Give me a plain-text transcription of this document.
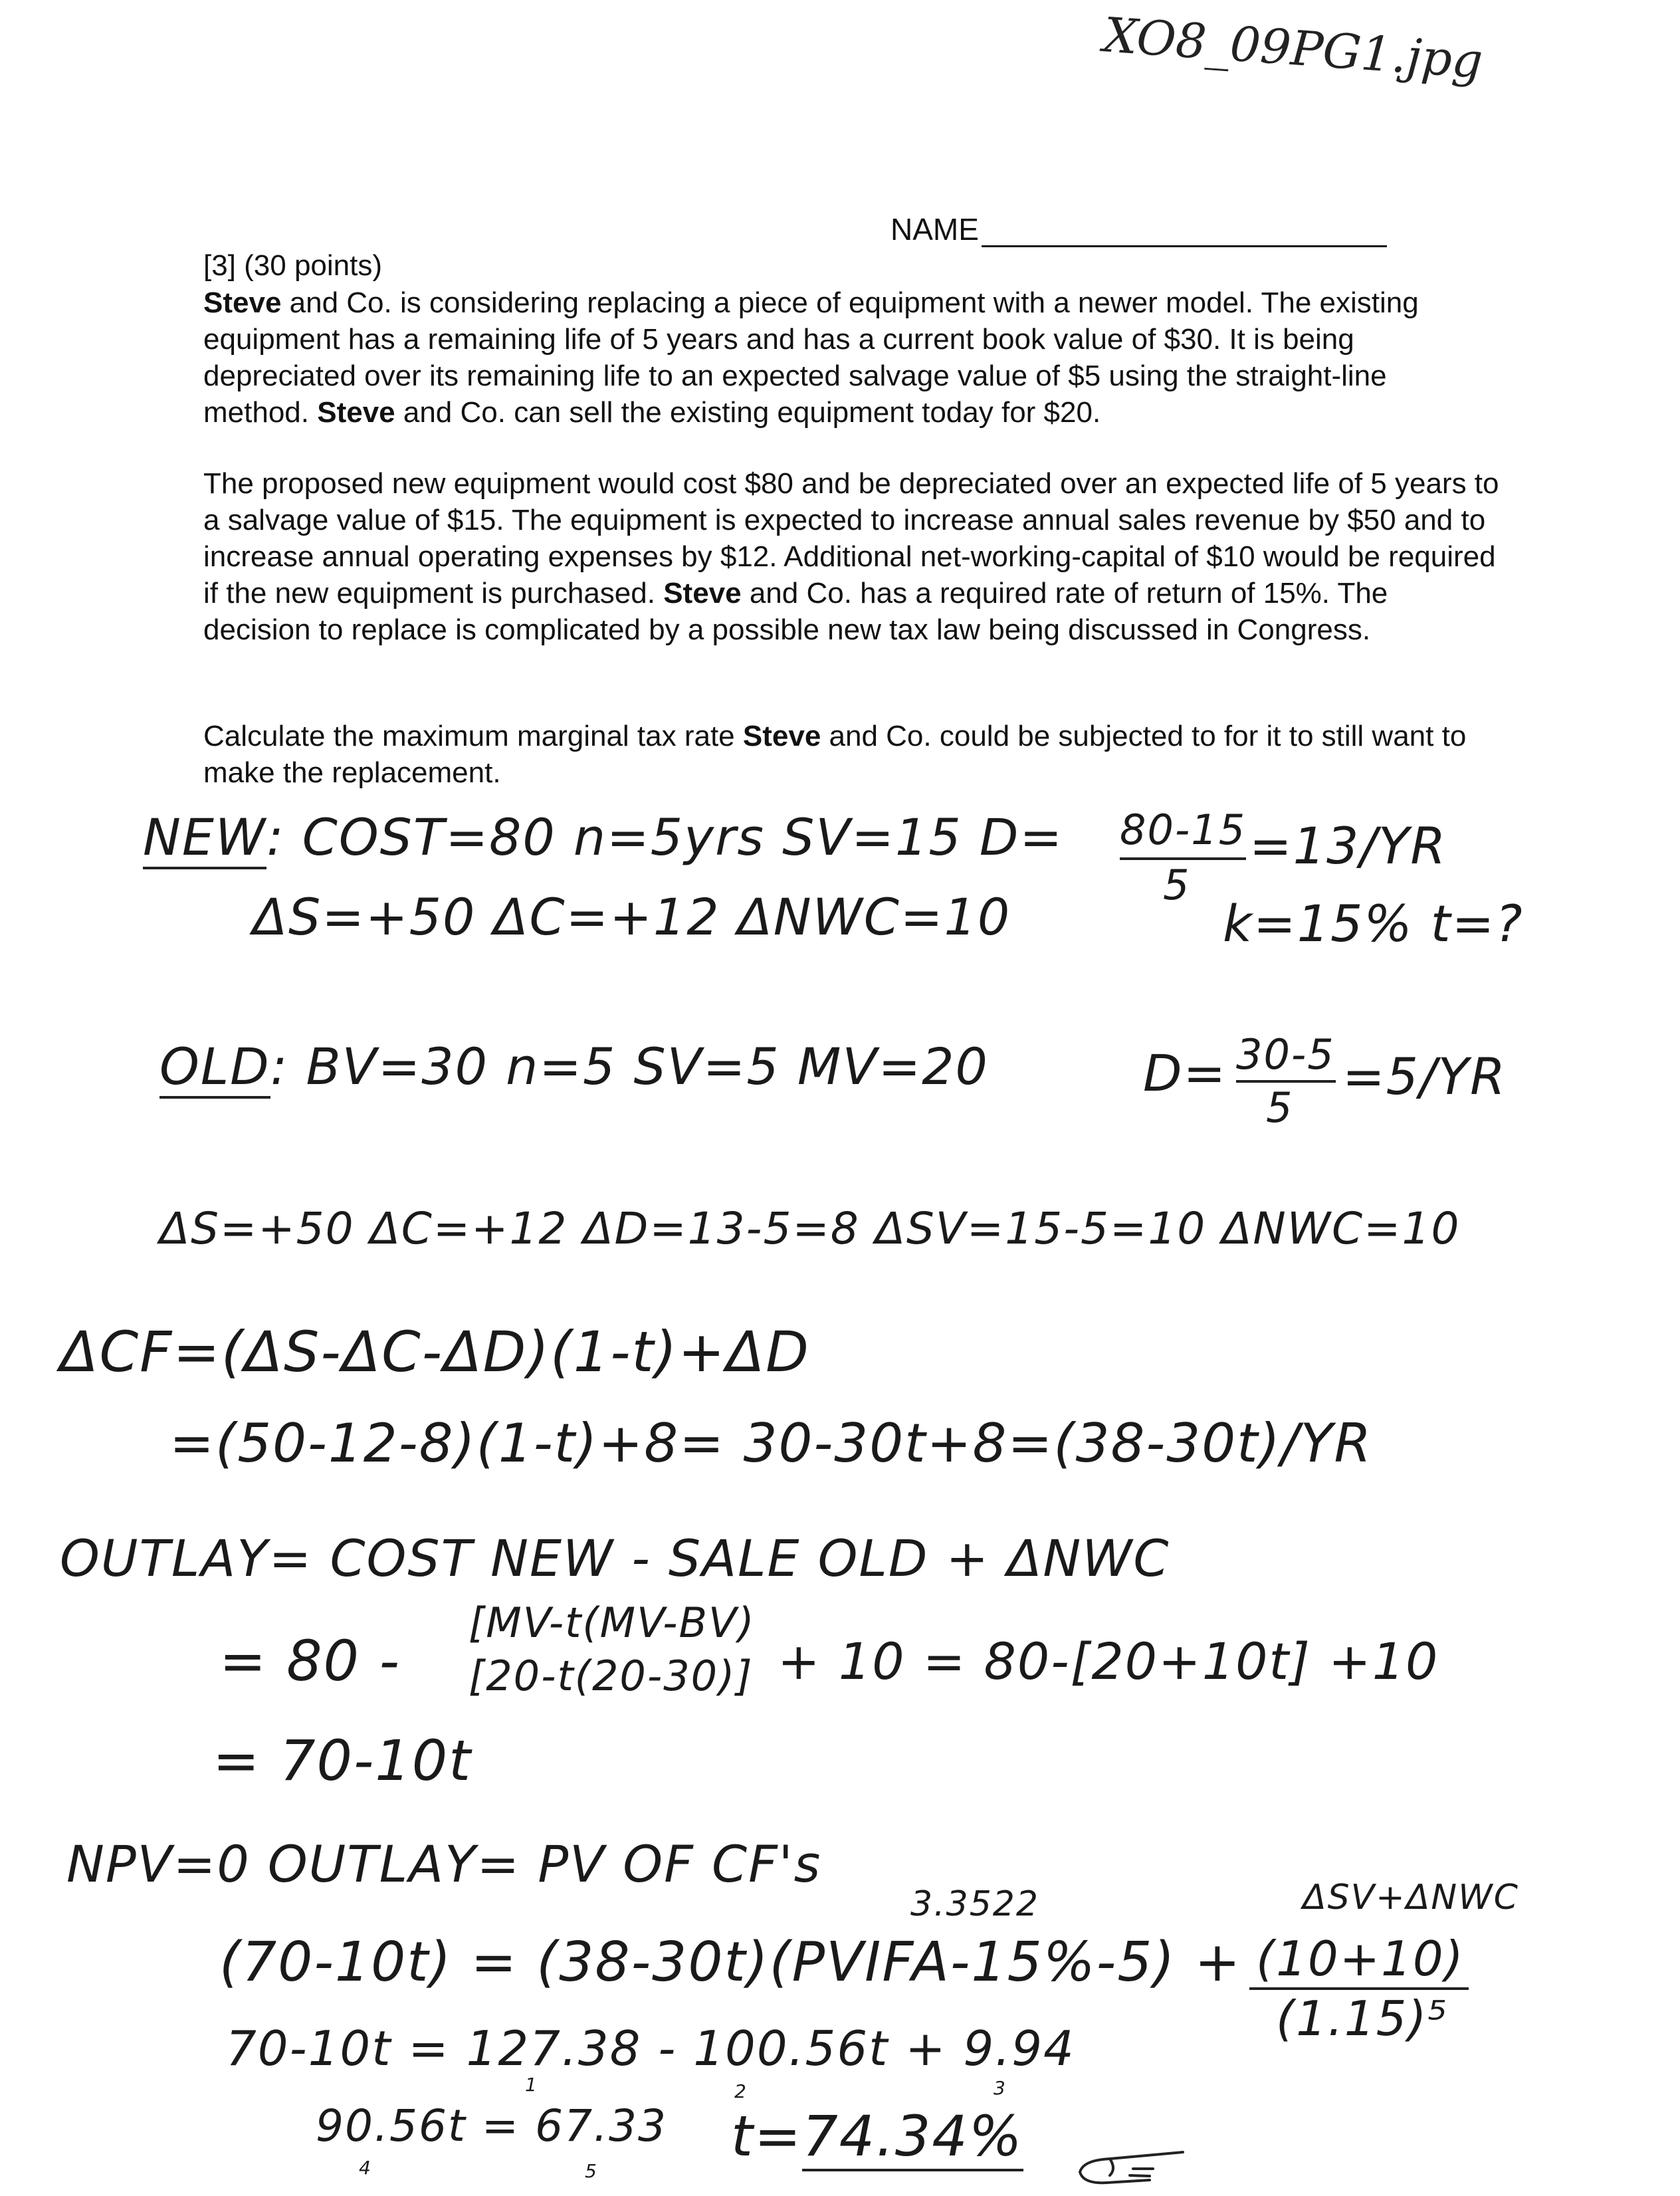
XO8_09PG1.jpg
NAME

[3] (30 points)

Steve and Co. is considering replacing a piece of equipment with a newer model. The existing equipment has a remaining life of 5 years and has a current book value of $30. It is being depreciated over its remaining life to an expected salvage value of $5 using the straight-line method. Steve and Co. can sell the existing equipment today for $20.

The proposed new equipment would cost $80 and be depreciated over an expected life of 5 years to a salvage value of $15. The equipment is expected to increase annual sales revenue by $50 and to increase annual operating expenses by $12. Additional net-working-capital of $10 would be required if the new equipment is purchased. Steve and Co. has a required rate of return of 15%. The decision to replace is complicated by a possible new tax law being discussed in Congress.

Calculate the maximum marginal tax rate Steve and Co. could be subjected to for it to still want to make the replacement.

NEW: COST=80 n=5yrs SV=15 D= 80-15
5
=13/YR
ΔS=+50 ΔC=+12 ΔNWC=10	k=15% t=?
OLD: BV=30 n=5 SV=5 MV=20	D= 30-5
5
=5/YR
ΔS=+50 ΔC=+12 ΔD=13-5=8 ΔSV=15-5=10 ΔNWC=10
ΔCF=(ΔS-ΔC-ΔD)(1-t)+ΔD
=(50-12-8)(1-t)+8= 30-30t+8=(38-30t)/YR
OUTLAY= COST NEW - SALE OLD + ΔNWC
= 80 -
[MV-t(MV-BV)
[20-t(20-30)] + 10 = 80-[20+10t] +10
= 70-10t
NPV=0 OUTLAY= PV OF CF's
3.3522	ΔSV+ΔNWC
(70-10t) = (38-30t)(PVIFA-15%-5) + (10+10)
(1.15)⁵
70-10t = 127.38 - 100.56t + 9.94
1	2	3
90.56t = 67.33
4	5
t=74.34%
